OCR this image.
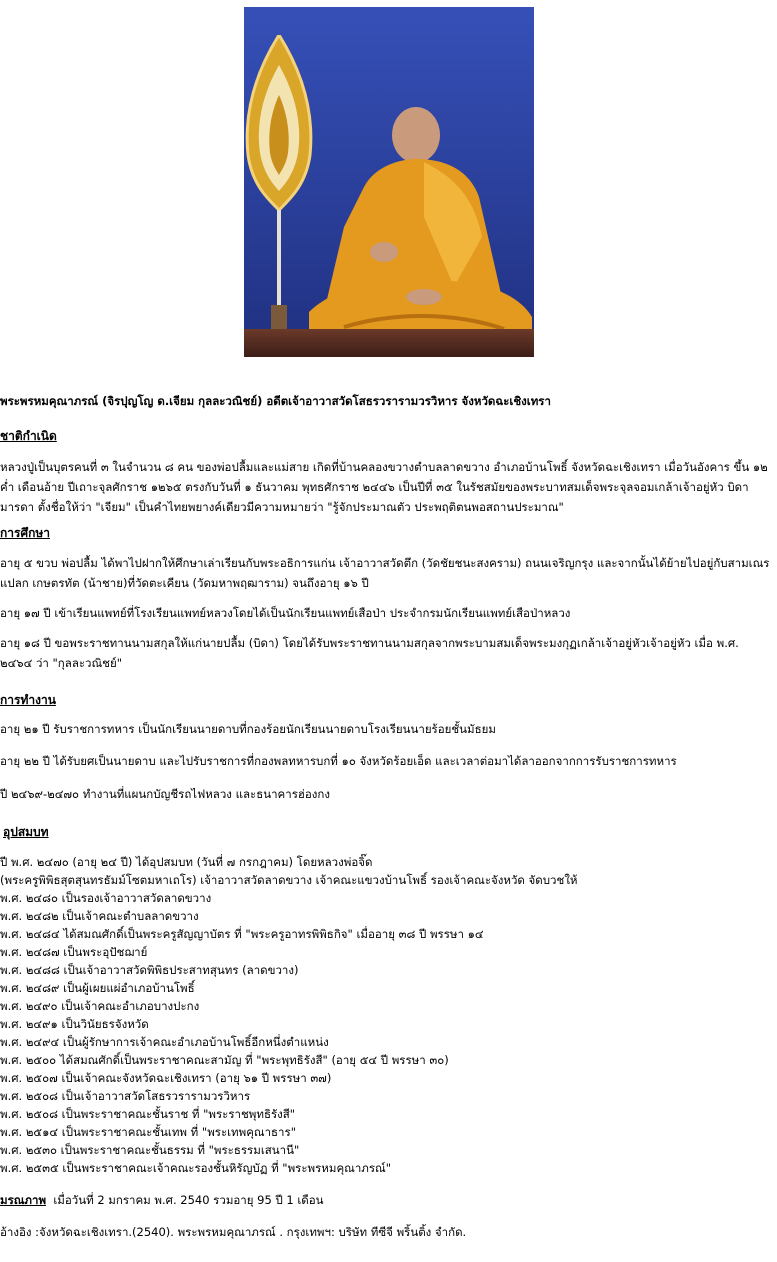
พระพรหมคุณาภรณ์ (จิรปุญโญ ด.เจียม กุลละวณิชย์) อดีตเจ้าอาวาสวัดโสธรวรารามวรวิหาร จังหวัดฉะเชิงเทรา
ชาติกำเนิด
หลวงปู่เป็นบุตรคนที่ ๓ ในจำนวน ๘ คน ของพ่อปลื้มและแม่สาย เกิดที่บ้านคลองขวางตำบลลาดขวาง อำเภอบ้านโพธิ์ จังหวัดฉะเชิงเทรา เมื่อวันอังคาร ขึ้น ๑๒ ค่ำ เดือนอ้าย ปีเถาะจุลศักราช ๑๒๖๕ ตรงกับวันที่ ๑ ธันวาคม พุทธศักราช ๒๔๔๖ เป็นปีที่ ๓๕ ในรัชสมัยของพระบาทสมเด็จพระจุลจอมเกล้าเจ้าอยู่หัว บิดามารดา ตั้งชื่อให้ว่า "เจียม" เป็นคำไทยพยางค์เดียวมีความหมายว่า "รู้จักประมาณตัว ประพฤติตนพอสถานประมาณ"
การศึกษา
อายุ ๕ ขวบ พ่อปลื้ม ได้พาไปฝากให้ศึกษาเล่าเรียนกับพระอธิการแก่น เจ้าอาวาสวัดตึก (วัดชัยชนะสงคราม) ถนนเจริญกรุง และจากนั้นได้ย้ายไปอยู่กับสามเณรแปลก เกษตรทัต (น้าชาย)ที่วัดตะเคียน (วัดมหาพฤฒาราม) จนถึงอายุ ๑๖ ปี
อายุ ๑๗ ปี เข้าเรียนแพทย์ที่โรงเรียนแพทย์หลวงโดยได้เป็นนักเรียนแพทย์เสือป่า ประจำกรมนักเรียนแพทย์เสือป่าหลวง
อายุ ๑๘ ปี ขอพระราชทานนามสกุลให้แก่นายปลื้ม (บิดา) โดยได้รับพระราชทานนามสกุลจากพระบามสมเด็จพระมงกุฏเกล้าเจ้าอยู่หัวเจ้าอยู่หัว เมื่อ พ.ศ. ๒๔๖๔ ว่า "กุลละวณิชย์"
การทำงาน
อายุ ๒๑ ปี รับราชการทหาร เป็นนักเรียนนายดาบที่กองร้อยนักเรียนนายดาบโรงเรียนนายร้อยชั้นมัธยม
อายุ ๒๒ ปี ได้รับยศเป็นนายดาบ และไปรับราชการที่กองพลทหารบกที่ ๑๐ จังหวัดร้อยเอ็ด และเวลาต่อมาได้ลาออกจากการรับราชการทหาร
ปี ๒๔๖๙-๒๔๗๐ ทำงานที่แผนกบัญชีรถไฟหลวง และธนาคารฮ่องกง
อุปสมบท
ปี พ.ศ. ๒๔๗๐ (อายุ ๒๔ ปี) ได้อุปสมบท (วันที่ ๗ กรกฎาคม) โดยหลวงพ่อจิ๊ด
(พระครูพิพิธสุตสุนทรธัมม์โซตมหาเถโร) เจ้าอาวาสวัดลาดขวาง เจ้าคณะแขวงบ้านโพธิ์ รองเจ้าคณะจังหวัด จัดบวชให้
พ.ศ. ๒๔๘๐ เป็นรองเจ้าอาวาสวัดลาดขวาง
พ.ศ. ๒๔๘๒ เป็นเจ้าคณะตำบลลาดขวาง
พ.ศ. ๒๔๘๔ ได้สมณศักดิ์เป็นพระครูสัญญาบัตร ที่ "พระครูอาทรพิพิธกิจ" เมื่ออายุ ๓๘ ปี พรรษา ๑๔
พ.ศ. ๒๔๘๗ เป็นพระอุปัชฌาย์
พ.ศ. ๒๔๘๘ เป็นเจ้าอาวาสวัดพิพิธประสาทสุนทร (ลาดขวาง)
พ.ศ. ๒๔๘๙ เป็นผู้เผยแผ่อำเภอบ้านโพธิ์
พ.ศ. ๒๔๙๐ เป็นเจ้าคณะอำเภอบางปะกง
พ.ศ. ๒๔๙๑ เป็นวินัยธรจังหวัด
พ.ศ. ๒๔๙๔ เป็นผู้รักษาการเจ้าคณะอำเภอบ้านโพธิ์อีกหนึ่งตำแหน่ง
พ.ศ. ๒๕๐๐ ได้สมณศักดิ์เป็นพระราชาคณะสามัญ ที่ "พระพุทธิรังสี" (อายุ ๕๔ ปี พรรษา ๓๐)
พ.ศ. ๒๕๐๗ เป็นเจ้าคณะจังหวัดฉะเชิงเทรา (อายุ ๖๑ ปี พรรษา ๓๗)
พ.ศ. ๒๕๐๘ เป็นเจ้าอาวาสวัดโสธรวรารามวรวิหาร
พ.ศ. ๒๕๐๘ เป็นพระราชาคณะชั้นราช ที่ "พระราชพุทธิรังสี"
พ.ศ. ๒๕๑๔ เป็นพระราชาคณะชั้นเทพ ที่ "พระเทพคุณาธาร"
พ.ศ. ๒๕๓๐ เป็นพระราชาคณะชั้นธรรม ที่ "พระธรรมเสนานี"
พ.ศ. ๒๕๓๕ เป็นพระราชาคณะเจ้าคณะรองชั้นหิรัญบัฏ ที่ "พระพรหมคุณาภรณ์"
มรณภาพ เมื่อวันที่ 2 มกราคม พ.ศ. 2540 รวมอายุ 95 ปี 1 เดือน
อ้างอิง :จังหวัดฉะเชิงเทรา.(2540). พระพรหมคุณาภรณ์ . กรุงเทพฯ: บริษัท ทีซีจี พริ้นติ้ง จำกัด.
